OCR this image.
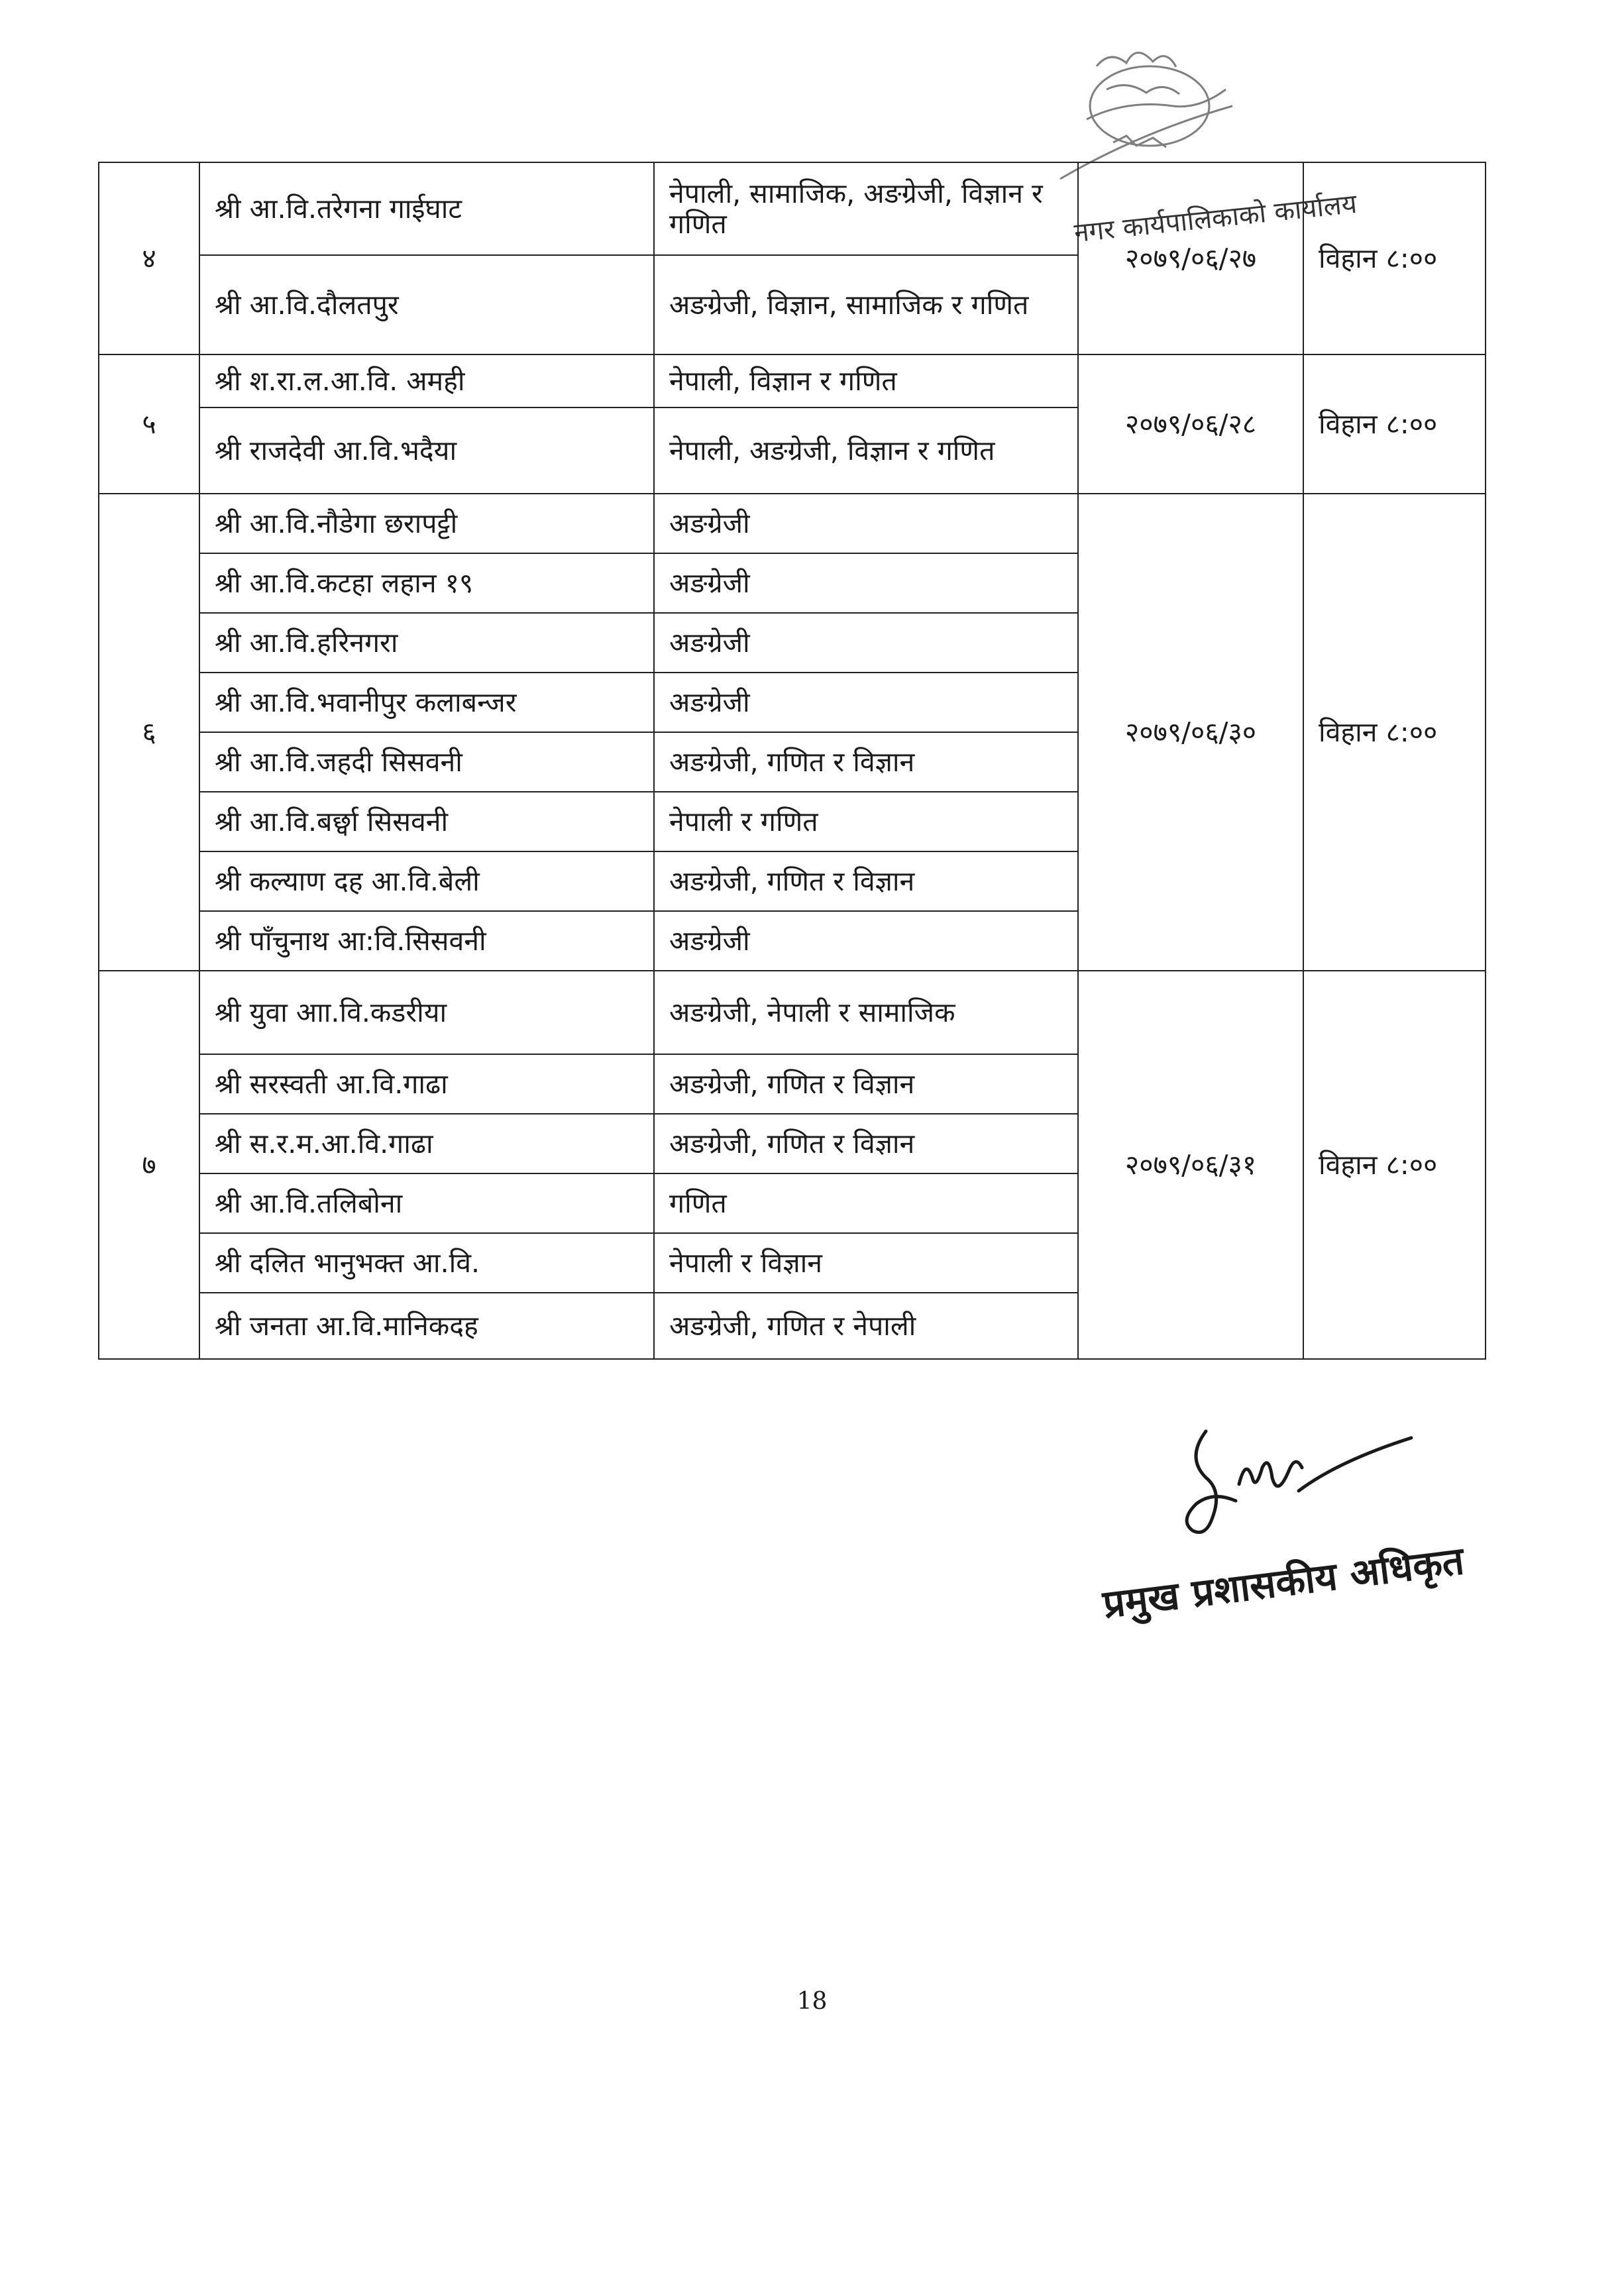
नगर कार्यपालिकाको कार्यालय
४	श्री आ.वि.तरेगना गाईघाट	नेपाली, सामाजिक, अङग्रेजी, विज्ञान र गणित	२०७९/०६/२७	विहान ८:००
	श्री आ.वि.दौलतपुर	अङग्रेजी, विज्ञान, सामाजिक र गणित		
५	श्री श.रा.ल.आ.वि. अमही	नेपाली, विज्ञान र गणित	२०७९/०६/२८	विहान ८:००
	श्री राजदेवी आ.वि.भदैया	नेपाली, अङग्रेजी, विज्ञान र गणित		
६	श्री आ.वि.नौडेगा छरापट्टी	अङग्रेजी	२०७९/०६/३०	विहान ८:००
	श्री आ.वि.कटहा लहान १९	अङग्रेजी		
	श्री आ.वि.हरिनगरा	अङग्रेजी		
	श्री आ.वि.भवानीपुर कलाबन्जर	अङग्रेजी		
	श्री आ.वि.जहदी सिसवनी	अङग्रेजी, गणित र विज्ञान		
	श्री आ.वि.बर्छ्वा सिसवनी	नेपाली र गणित		
	श्री कल्याण दह आ.वि.बेली	अङग्रेजी, गणित र विज्ञान		
	श्री पाँचुनाथ आ:वि.सिसवनी	अङग्रेजी		
७	श्री युवा आा.वि.कडरीया	अङग्रेजी, नेपाली र सामाजिक	२०७९/०६/३१	विहान ८:००
	श्री सरस्वती आ.वि.गाढा	अङग्रेजी, गणित र विज्ञान		
	श्री स.र.म.आ.वि.गाढा	अङग्रेजी, गणित र विज्ञान		
	श्री आ.वि.तलिबोना	गणित		
	श्री दलित भानुभक्त आ.वि.	नेपाली र विज्ञान		
	श्री जनता आ.वि.मानिकदह	अङग्रेजी, गणित र नेपाली		
प्रमुख प्रशासकीय अधिकृत
18
